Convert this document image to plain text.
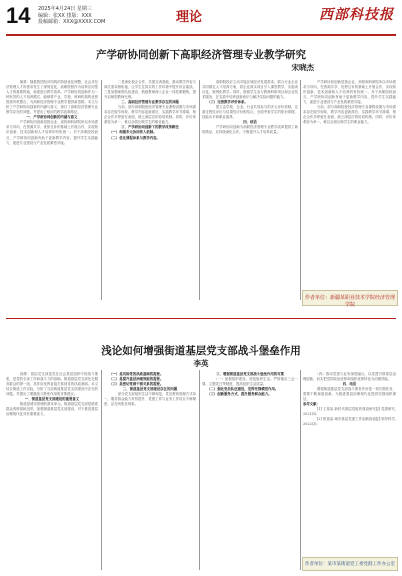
14 2025年4月24日 星期三
编辑：张XX 排版：XXX
投稿邮箱：XXX@XXXX.COM	理论	西部科技报
产学研协同创新下高职经济管理专业教学研究
宋晓杰

　　摘要：随着我国经济结构的持续优化调整，社会对经济管理人才的需求发生了深刻变化，高职院校作为培养应用型人才的重要阵地，亟需进行教学改革。产学研协同创新作为一种有效的人才培养模式，能够将产业、学校、科研机构的优势资源有机整合，为高职经济管理专业教学提供新思路。本文分析了产学研协同创新的内涵与意义，探讨了高职经济管理专业教学存在的问题，并提出了相应的教学改革路径。

一、产学研协同创新的内涵与意义

　　产学研协同创新是指企业、高校和科研院所以市场需求为导向，在资源共享、优势互补的基础上开展合作，实现知识创新、技术创新和人才培养的有机统一。对于高职院校而言，产学研协同创新有助于更新教学内容，提升学生实践能力，促进专业建设与产业发展紧密对接。

　　二是深化校企合作，共建实训基地，推动教学内容与岗位需求相衔接，让学生在真实的工作环境中提升综合素质。三是加强师资队伍建设，鼓励教师深入企业一线挂职锻炼，提升双师型教师比例。

二、高职经济管理专业教学存在的问题

　　当前，部分高职院校经济管理专业课程设置与市场需求存在脱节现象，教学内容更新滞后，实践教学环节薄弱，校企合作多停留在表面，缺乏深层次的协同机制。同时，评价体系较为单一，难以全面反映学生的职业能力。

三、产学研协同创新下的教学改革路径

　　（一）构建多元协同育人机制。

　　（二）优化课程体系与教学内容。

　　高职院校应主动对接区域经济发展需求，联合行业企业共同制定人才培养方案，将企业真实项目引入课堂教学，实施项目化、案例化教学。同时，鼓励学生参与教师科研项目和企业技术服务，在实践中培养创新意识与解决实际问题的能力。

　　（三）完善教学评价体系。

　　建立由学校、企业、行业共同参与的多元评价机制，注重过程性评价与结果性评价相结合，全面考查学生的知识掌握、技能水平和职业素养。

四、结语

　　产学研协同创新为高职经济管理专业教学改革提供了新的路径，应持续深化合作，不断提升人才培养质量。

　　产学研协同创新是指企业、高校和科研院所以市场需求为导向，在资源共享、优势互补的基础上开展合作，实现知识创新、技术创新和人才培养的有机统一。对于高职院校而言，产学研协同创新有助于更新教学内容，提升学生实践能力，促进专业建设与产业发展紧密对接。

　　当前，部分高职院校经济管理专业课程设置与市场需求存在脱节现象，教学内容更新滞后，实践教学环节薄弱，校企合作多停留在表面，缺乏深层次的协同机制。同时，评价体系较为单一，难以全面反映学生的职业能力。

作者单位：新疆某职业技术学院经济管理学院
浅论如何增强街道基层党支部战斗堡垒作用
李英

　　摘要：基层党支部是党在社会基层组织中的战斗堡垒，是党的全部工作和战斗力的基础。街道基层党支部处在服务群众的第一线，其作用发挥直接关系到党的执政基础。本文结合街道工作实际，分析了当前街道基层党支部建设中存在的问题，并提出了增强战斗堡垒作用的对策建议。

一、街道基层党支部建设的重要意义

　　街道是城市管理的基本单元，街道基层党支部是联系群众的桥梁和纽带，加强街道基层党支部建设，对于推进基层治理现代化具有重要意义。

　　（一）是巩固党的执政基础的需要。

　　（二）是提升基层治理效能的需要。

　　（三）是密切党群干群关系的需要。

二、街道基层党支部建设存在的问题

　　部分党支部组织生活不够规范，党员教育管理方式单一，服务群众能力有待提升，党建工作与业务工作结合不够紧密，存在两张皮现象。

三、增强街道基层党支部战斗堡垒作用的对策

　　（一）加强组织建设，规范组织生活。严格落实三会一课、主题党日等制度，提高组织生活质量。

　　（二）强化党员队伍建设，发挥先锋模范作用。

　　（三）创新服务方式，提升服务群众能力。

　　（四）推动党建与业务深度融合，以党建引领基层治理创新，切实把党的政治优势和组织优势转化为治理效能。

四、结语

　　增强街道基层党支部战斗堡垒作用是一项长期任务，需要不断探索创新，为推进基层治理现代化提供坚强组织保证。

参考文献：

　　[1] 王某某.新时代基层党组织建设研究[J].党建研究,2021(5).

　　[2] 张某某.城市基层党建工作创新探索[J].领导科学,2022(3).

作者单位：某市某街道党工委党群工作办公室
